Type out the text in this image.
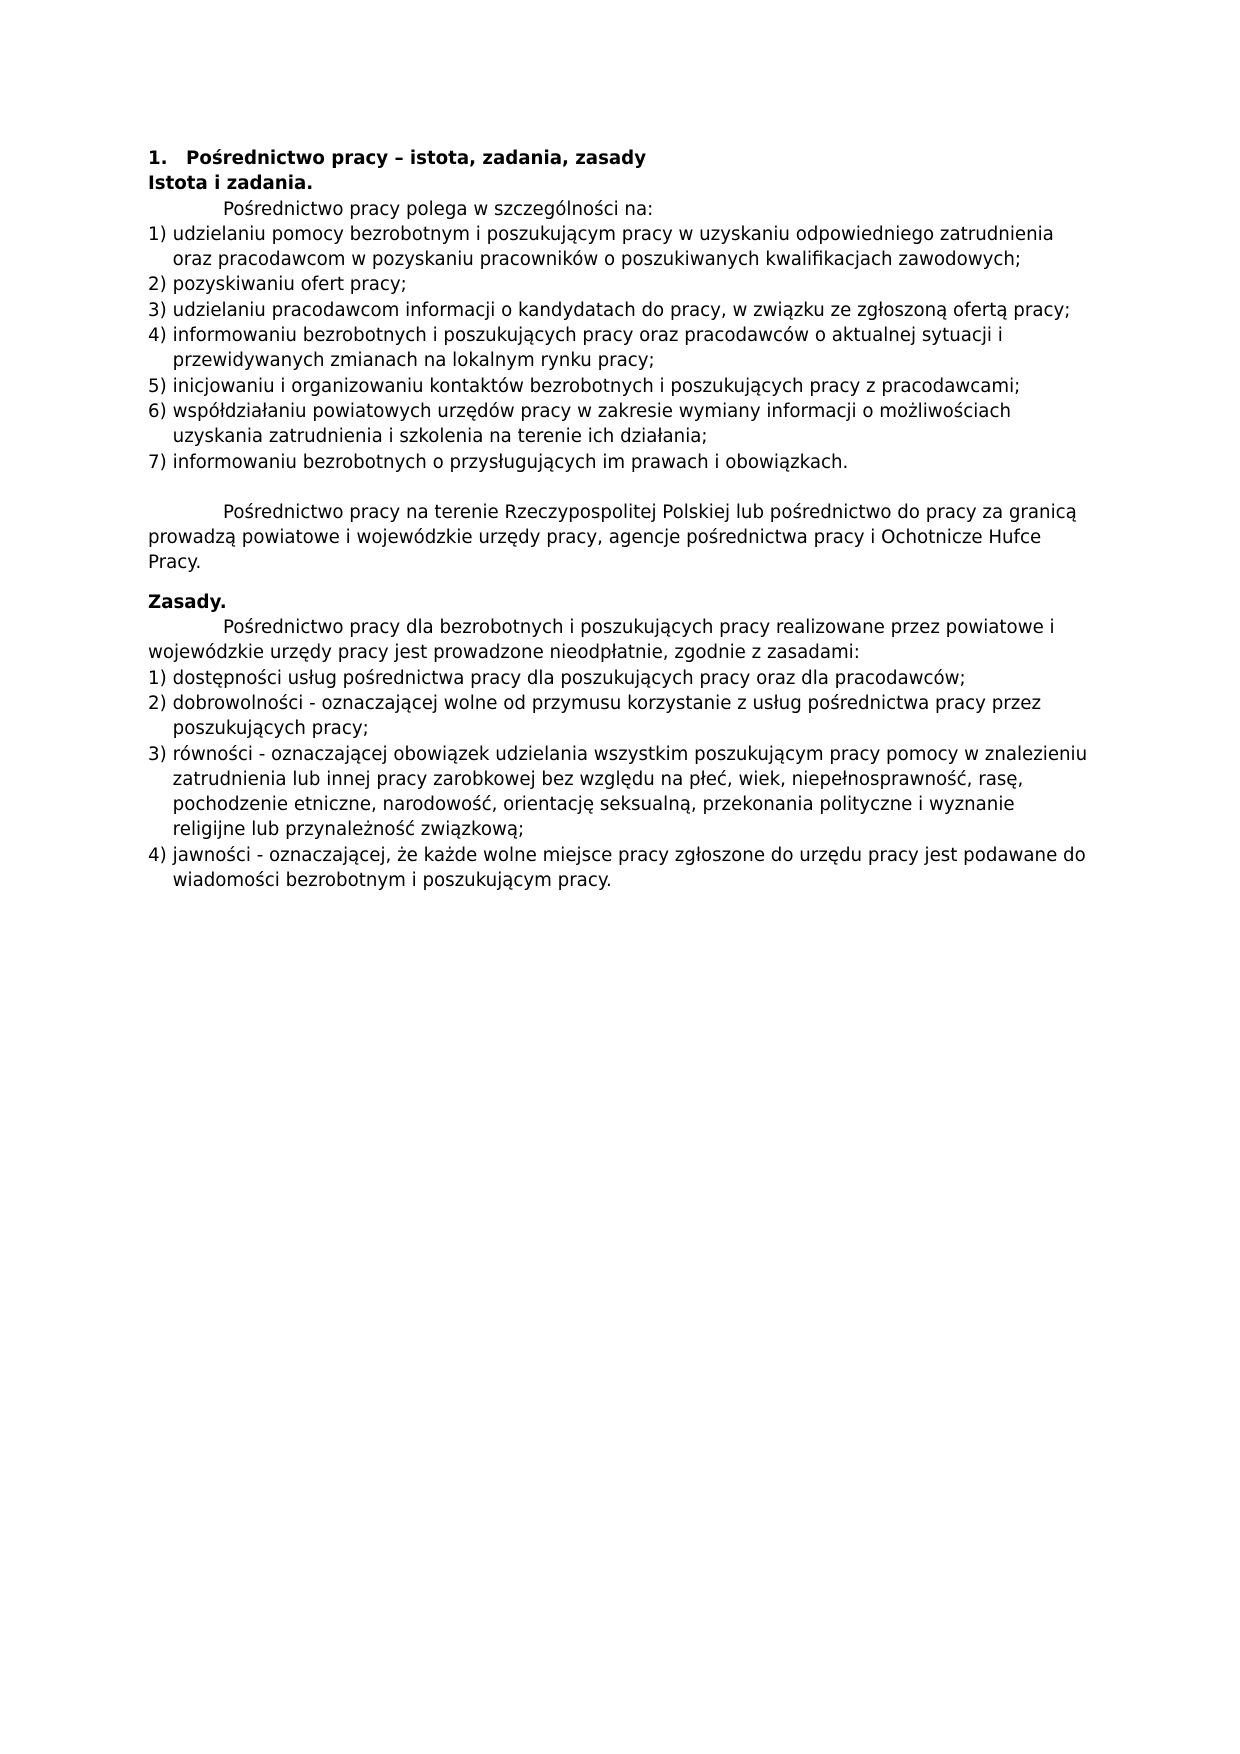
1.	Pośrednictwo pracy – istota, zadania, zasady
Istota i zadania.
Pośrednictwo pracy polega w szczególności na:
1) udzielaniu pomocy bezrobotnym i poszukującym pracy w uzyskaniu odpowiedniego zatrudnienia oraz pracodawcom w pozyskaniu pracowników o poszukiwanych kwalifikacjach zawodowych;
2) pozyskiwaniu ofert pracy;
3) udzielaniu pracodawcom informacji o kandydatach do pracy, w związku ze zgłoszoną ofertą pracy;
4) informowaniu bezrobotnych i poszukujących pracy oraz pracodawców o aktualnej sytuacji i przewidywanych zmianach na lokalnym rynku pracy;
5) inicjowaniu i organizowaniu kontaktów bezrobotnych i poszukujących pracy z pracodawcami;
6) współdziałaniu powiatowych urzędów pracy w zakresie wymiany informacji o możliwościach uzyskania zatrudnienia i szkolenia na terenie ich działania;
7) informowaniu bezrobotnych o przysługujących im prawach i obowiązkach.
Pośrednictwo pracy na terenie Rzeczypospolitej Polskiej lub pośrednictwo do pracy za granicą prowadzą powiatowe i wojewódzkie urzędy pracy, agencje pośrednictwa pracy i Ochotnicze Hufce Pracy.
Zasady.
Pośrednictwo pracy dla bezrobotnych i poszukujących pracy realizowane przez powiatowe i wojewódzkie urzędy pracy jest prowadzone nieodpłatnie, zgodnie z zasadami:
1) dostępności usług pośrednictwa pracy dla poszukujących pracy oraz dla pracodawców;
2) dobrowolności - oznaczającej wolne od przymusu korzystanie z usług pośrednictwa pracy przez poszukujących pracy;
3) równości - oznaczającej obowiązek udzielania wszystkim poszukującym pracy pomocy w znalezieniu zatrudnienia lub innej pracy zarobkowej bez względu na płeć, wiek, niepełnosprawność, rasę, pochodzenie etniczne, narodowość, orientację seksualną, przekonania polityczne i wyznanie religijne lub przynależność związkową;
4) jawności - oznaczającej, że każde wolne miejsce pracy zgłoszone do urzędu pracy jest podawane do wiadomości bezrobotnym i poszukującym pracy.
